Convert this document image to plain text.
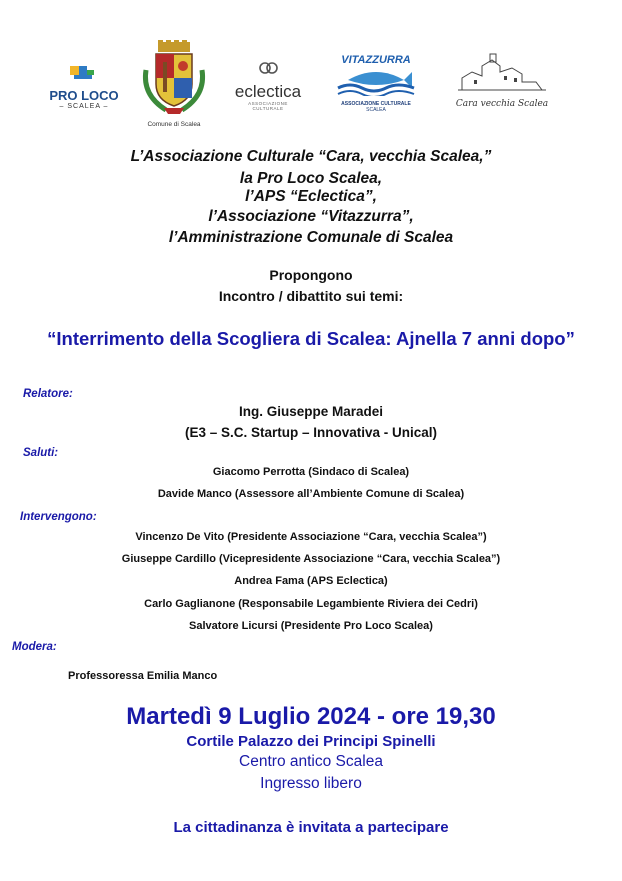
PRO LOCO
– SCALEA –
Comune di Scalea
eclectica
ASSOCIAZIONE CULTURALE
VITAZZURRA
ASSOCIAZIONE CULTURALE
SCALEA
Cara vecchia Scalea
L’Associazione Culturale “Cara, vecchia Scalea,”
la Pro Loco Scalea,
l’APS “Eclectica”,
l’Associazione “Vitazzurra”,
l’Amministrazione Comunale di Scalea
Propongono
Incontro / dibattito sui temi:
“Interrimento della Scogliera di Scalea: Ajnella 7 anni dopo”
Relatore:
Ing. Giuseppe Maradei
(E3 – S.C. Startup – Innovativa - Unical)
Saluti:
Giacomo Perrotta (Sindaco di Scalea)
Davide Manco (Assessore all’Ambiente Comune di Scalea)
Intervengono:
Vincenzo De Vito (Presidente Associazione “Cara, vecchia Scalea”)
Giuseppe Cardillo (Vicepresidente Associazione “Cara, vecchia Scalea”)
Andrea Fama (APS Eclectica)
Carlo Gaglianone (Responsabile Legambiente Riviera dei Cedri)
Salvatore Licursi (Presidente Pro Loco Scalea)
Modera:
Professoressa Emilia Manco
Martedì 9 Luglio 2024 - ore 19,30
Cortile Palazzo dei Principi Spinelli
Centro antico Scalea
Ingresso libero
La cittadinanza è invitata a partecipare
